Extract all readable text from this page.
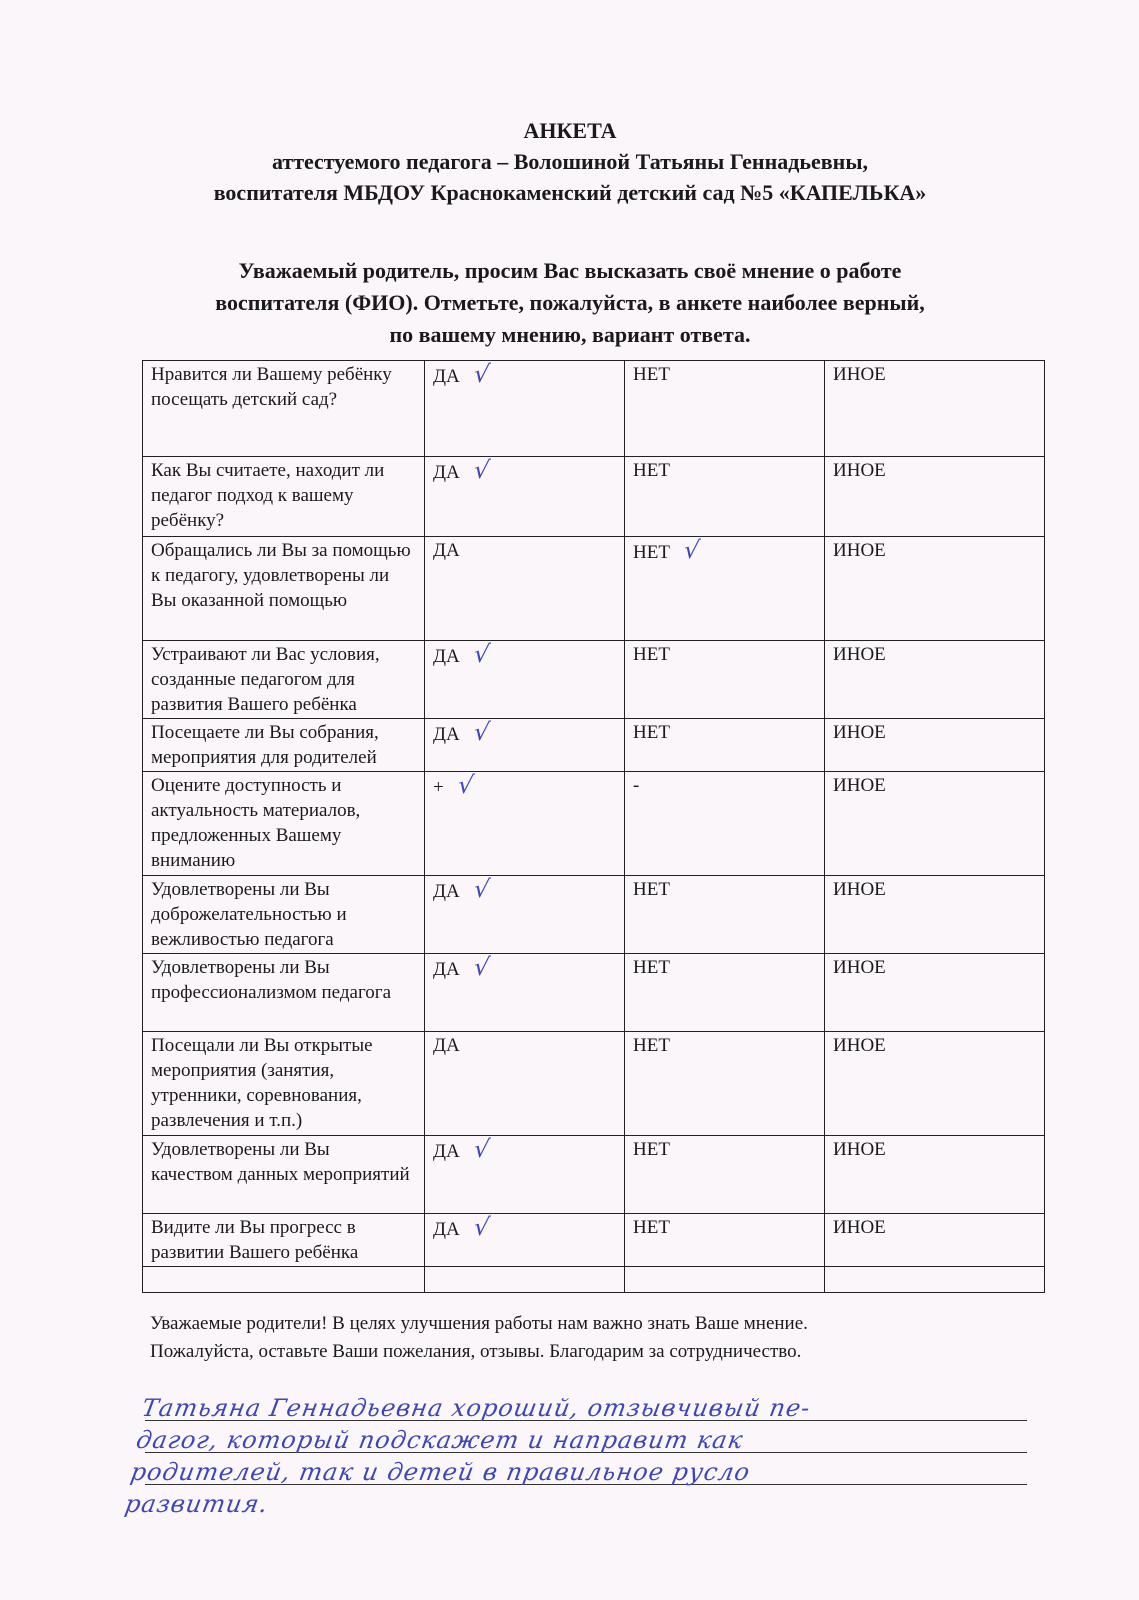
АНКЕТА
аттестуемого педагога – Волошиной Татьяны Геннадьевны,
воспитателя МБДОУ Краснокаменский детский сад №5 «КАПЕЛЬКА»
Уважаемый родитель, просим Вас высказать своё мнение о работе
воспитателя (ФИО). Отметьте, пожалуйста, в анкете наиболее верный,
по вашему мнению, вариант ответа.
Нравится ли Вашему ребёнку посещать детский сад?	ДА √	НЕТ	ИНОЕ
Как Вы считаете, находит ли педагог подход к вашему ребёнку?	ДА √	НЕТ	ИНОЕ
Обращались ли Вы за помощью к педагогу, удовлетворены ли Вы оказанной помощью	ДА	НЕТ √	ИНОЕ
Устраивают ли Вас условия, созданные педагогом для развития Вашего ребёнка	ДА √	НЕТ	ИНОЕ
Посещаете ли Вы собрания, мероприятия для родителей	ДА √	НЕТ	ИНОЕ
Оцените доступность и актуальность материалов, предложенных Вашему вниманию	+ √	-	ИНОЕ
Удовлетворены ли Вы доброжелательностью и вежливостью педагога	ДА √	НЕТ	ИНОЕ
Удовлетворены ли Вы профессионализмом педагога	ДА √	НЕТ	ИНОЕ
Посещали ли Вы открытые мероприятия (занятия, утренники, соревнования, развлечения и т.п.)	ДА	НЕТ	ИНОЕ
Удовлетворены ли Вы качеством данных мероприятий	ДА √	НЕТ	ИНОЕ
Видите ли Вы прогресс в развитии Вашего ребёнка	ДА √	НЕТ	ИНОЕ

Уважаемые родители! В целях улучшения работы нам важно знать Ваше мнение.
Пожалуйста, оставьте Ваши пожелания, отзывы. Благодарим за сотрудничество.
Татьяна Геннадьевна хороший, отзывчивый пе-
дагог, который подскажет и направит как
родителей, так и детей в правильное русло
развития.
